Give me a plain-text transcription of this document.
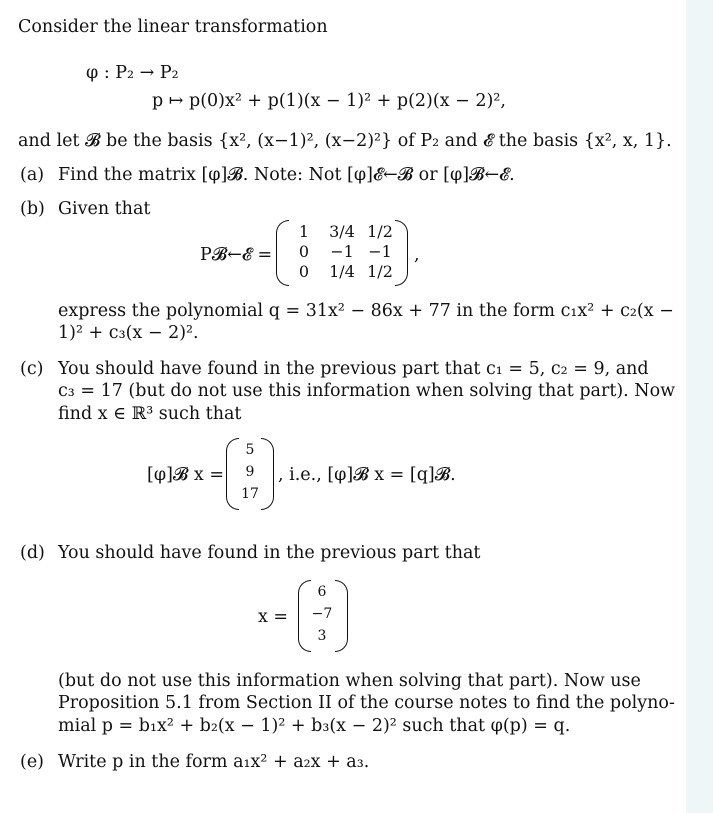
Consider the linear transformation
φ : P₂ → P₂
p ↦ p(0)x² + p(1)(x − 1)² + p(2)(x − 2)²,
and let 𝓑 be the basis {x², (x−1)², (x−2)²} of P₂ and 𝓔 the basis {x², x, 1}.
(a) Find the matrix [φ]𝓑. Note: Not [φ]𝓔←𝓑 or [φ]𝓑←𝓔.
(b) Given that
P𝓑←𝓔 =
1	3/4 1/2
0	−1 −1
0	1/4 1/2
,
express the polynomial q = 31x² − 86x + 77 in the form c₁x² + c₂(x −
1)² + c₃(x − 2)².
(c) You should have found in the previous part that c₁ = 5, c₂ = 9, and
c₃ = 17 (but do not use this information when solving that part). Now
find x ∈ ℝ³ such that
[φ]𝓑 x =
5
9
17
, i.e., [φ]𝓑 x = [q]𝓑.
(d) You should have found in the previous part that
x =
6
−7
3
(but do not use this information when solving that part). Now use
Proposition 5.1 from Section II of the course notes to find the polyno-
mial p = b₁x² + b₂(x − 1)² + b₃(x − 2)² such that φ(p) = q.
(e) Write p in the form a₁x² + a₂x + a₃.
